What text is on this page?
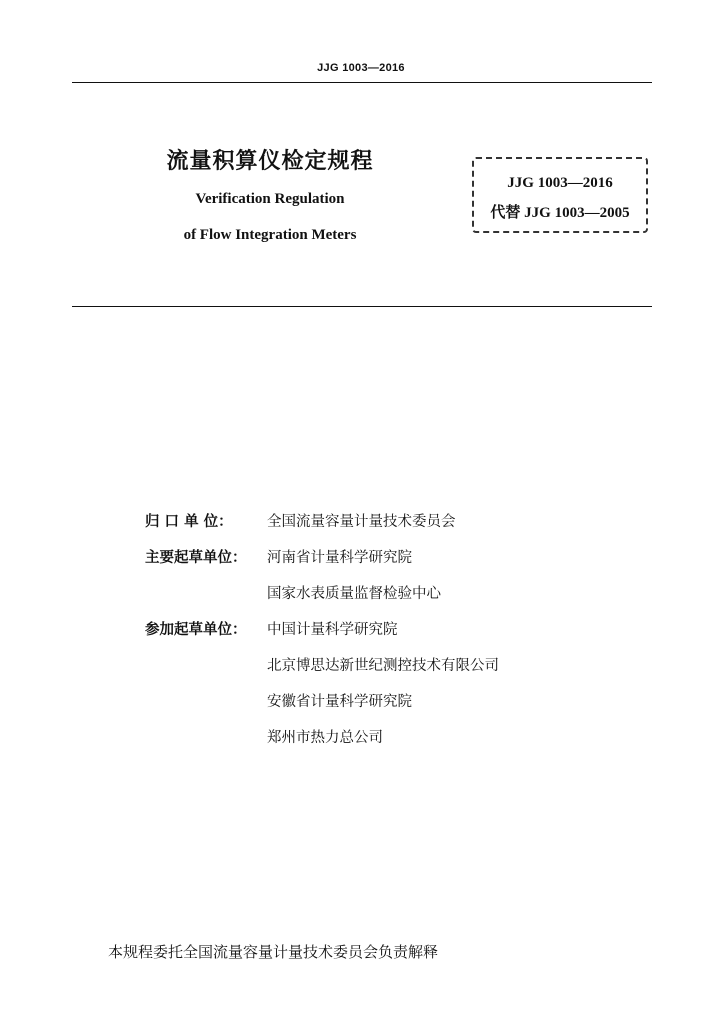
JJG 1003—2016
流量积算仪检定规程
Verification Regulation
of Flow Integration Meters
JJG 1003—2016
代替 JJG 1003—2005
归 口 单 位：	全国流量容量计量技术委员会
主要起草单位：	河南省计量科学研究院
国家水表质量监督检验中心
参加起草单位：	中国计量科学研究院
北京博思达新世纪测控技术有限公司
安徽省计量科学研究院
郑州市热力总公司
本规程委托全国流量容量计量技术委员会负责解释
